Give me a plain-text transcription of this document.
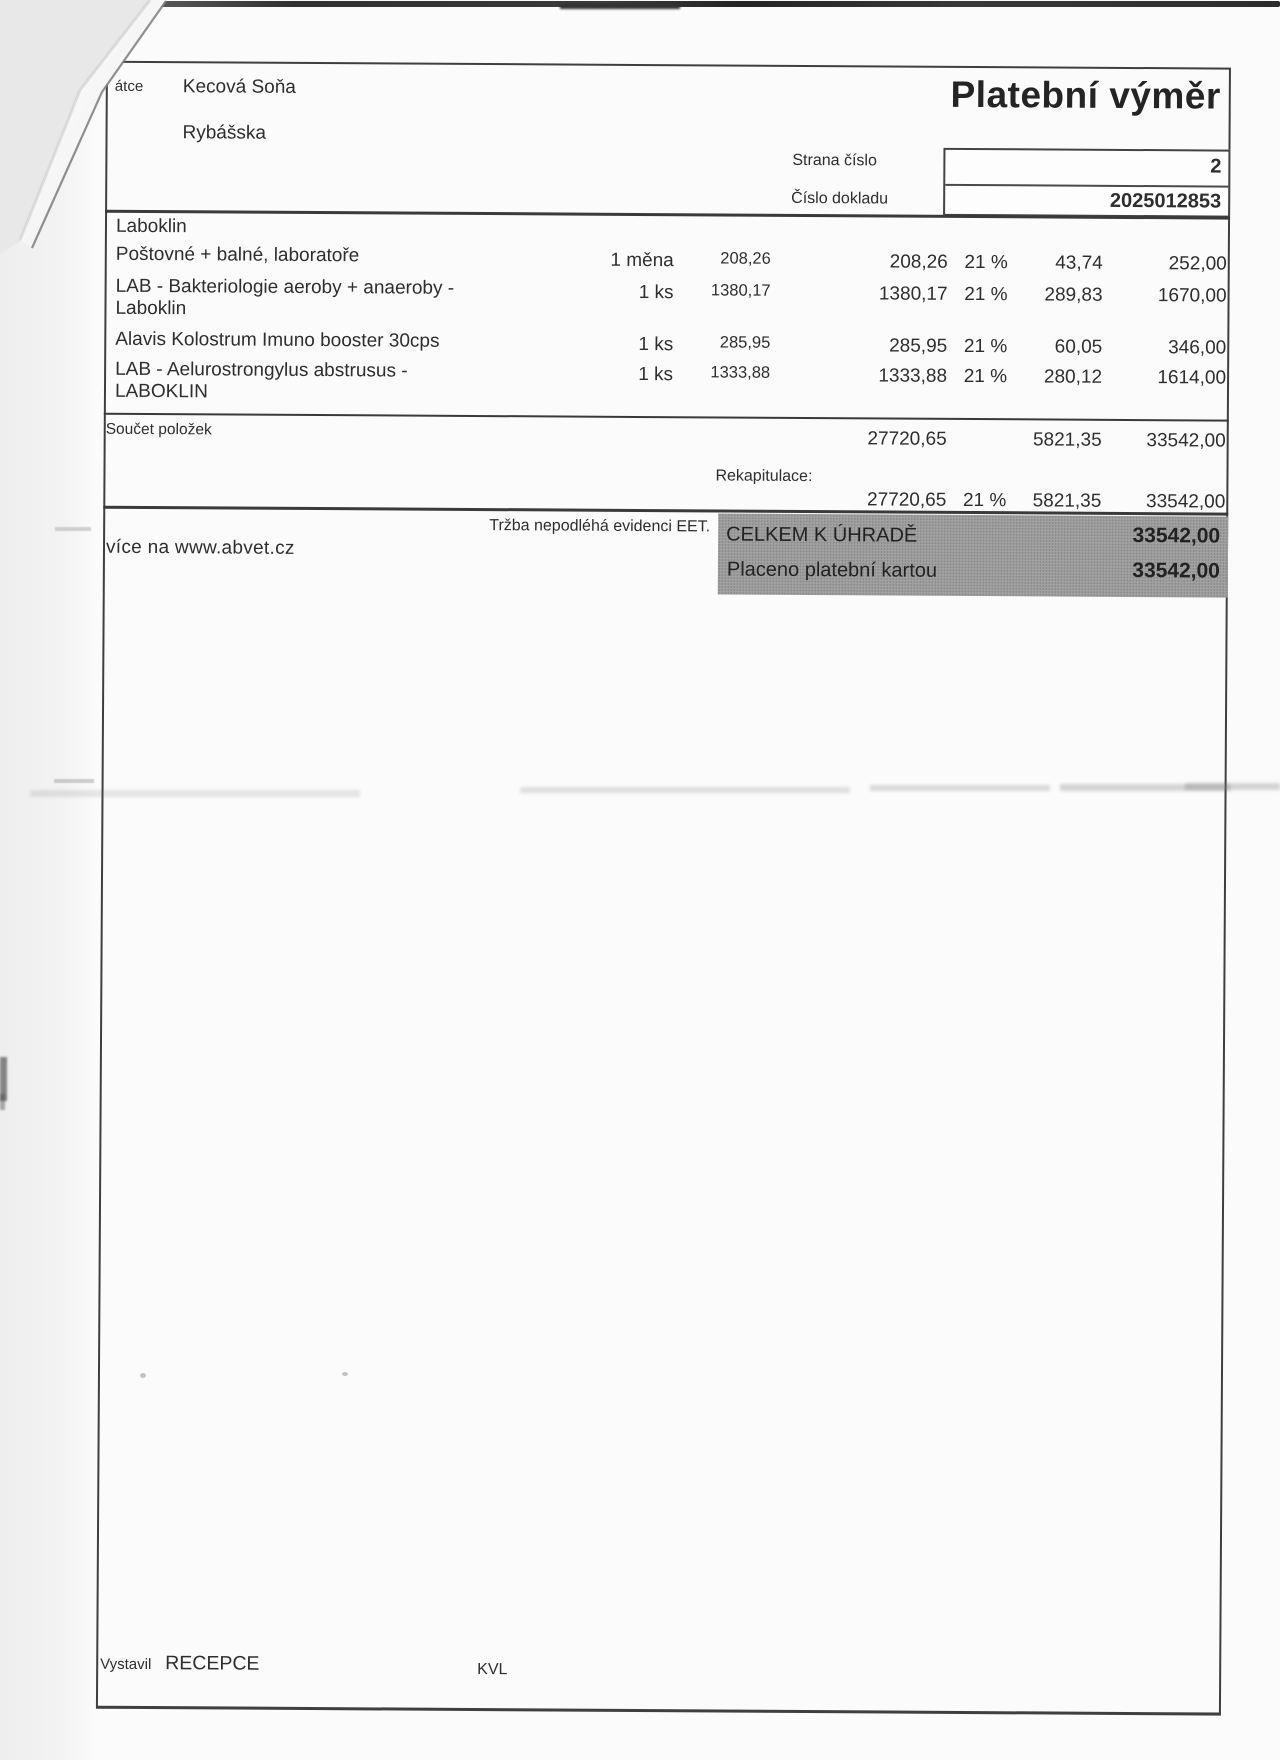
átce Kecová Soňa
Rybášska
Platební výměr
Strana číslo
Číslo dokladu
2
2025012853
Laboklin
Poštovné + balné, laboratoře	1 měna	208,26	208,26 21 % 43,74	252,00
LAB - Bakteriologie aeroby + anaeroby -
Laboklin
1 ks 1380,17	1380,17 21 % 289,83	1670,00
Alavis Kolostrum Imuno booster 30cps	1 ks	285,95	285,95 21 % 60,05	346,00
LAB - Aelurostrongylus abstrusus -
LABOKLIN
1 ks 1333,88	1333,88 21 % 280,12	1614,00
Součet položek	27720,65	5821,35 33542,00
Rekapitulace:
27720,65 21 % 5821,35 33542,00
Tržba nepodléhá evidenci EET. CELKEM K ÚHRADĚ	33542,00
Placeno platební kartou	33542,00
více na www.abvet.cz
Vystavil RECEPCE	KVL
